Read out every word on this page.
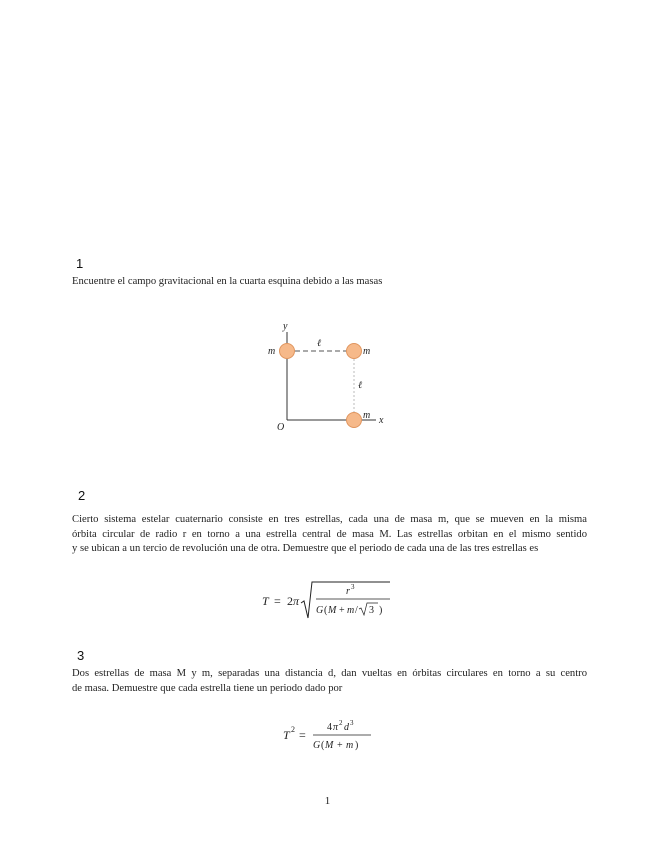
1
Encuentre el campo gravitacional en la cuarta esquina debido a las masas
y
x
O
m	m
m
ℓ
ℓ
2
Cierto sistema estelar cuaternario consiste en tres estrellas, cada una de masa m, que se mueven en la misma
órbita circular de radio r en torno a una estrella central de masa M. Las estrellas orbitan en el mismo sentido
y se ubican a un tercio de revolución una de otra. Demuestre que el periodo de cada una de las tres estrellas es
T = 2 π
r 3
G ( M + m / 3 )
3
Dos estrellas de masa M y m, separadas una distancia d, dan vueltas en órbitas circulares en torno a su centro
de masa. Demuestre que cada estrella tiene un periodo dado por
T 2 =
4 π 2 d 3
G ( M + m )
1
